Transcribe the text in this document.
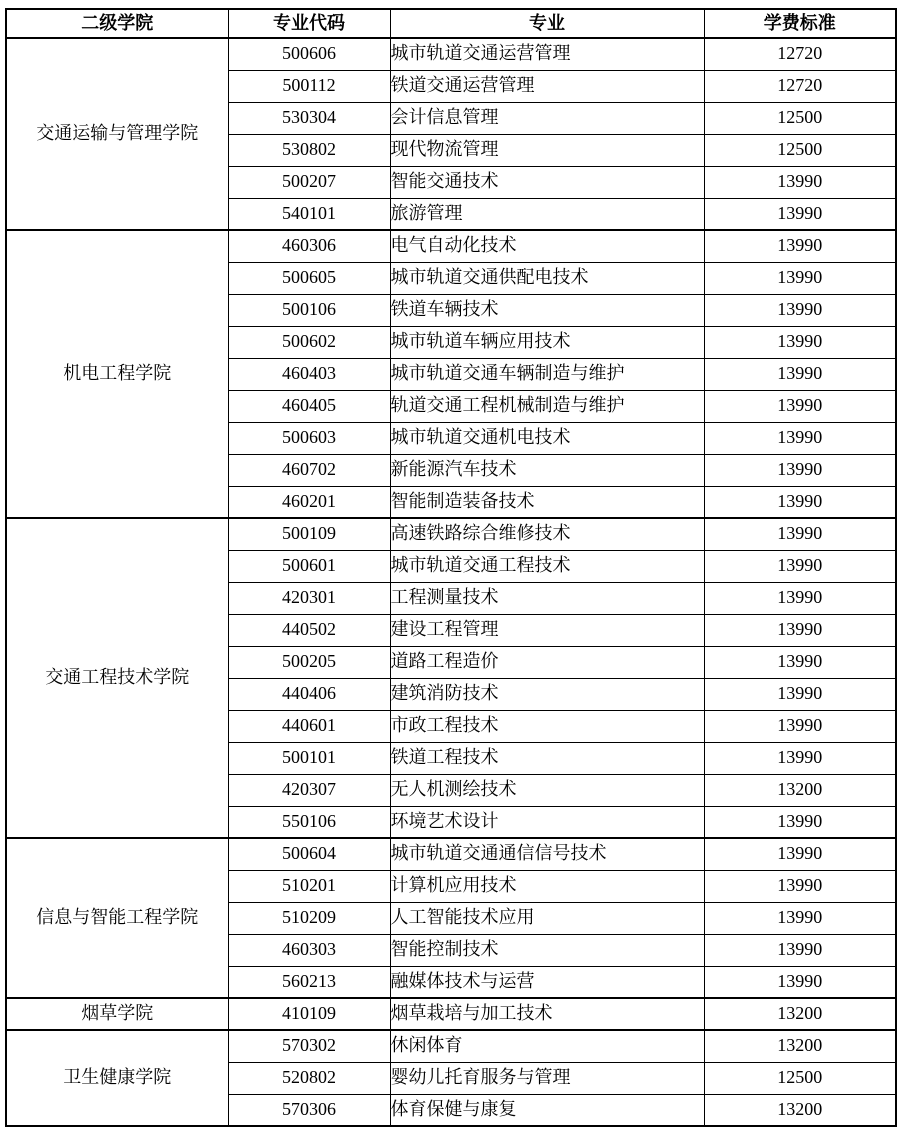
二级学院	专业代码	专业	学费标准
交通运输与管理学院	500606	城市轨道交通运营管理	12720
	500112	铁道交通运营管理	12720
	530304	会计信息管理	12500
	530802	现代物流管理	12500
	500207	智能交通技术	13990
	540101	旅游管理	13990
机电工程学院	460306	电气自动化技术	13990
	500605	城市轨道交通供配电技术	13990
	500106	铁道车辆技术	13990
	500602	城市轨道车辆应用技术	13990
	460403	城市轨道交通车辆制造与维护	13990
	460405	轨道交通工程机械制造与维护	13990
	500603	城市轨道交通机电技术	13990
	460702	新能源汽车技术	13990
	460201	智能制造装备技术	13990
交通工程技术学院	500109	高速铁路综合维修技术	13990
	500601	城市轨道交通工程技术	13990
	420301	工程测量技术	13990
	440502	建设工程管理	13990
	500205	道路工程造价	13990
	440406	建筑消防技术	13990
	440601	市政工程技术	13990
	500101	铁道工程技术	13990
	420307	无人机测绘技术	13200
	550106	环境艺术设计	13990
信息与智能工程学院	500604	城市轨道交通通信信号技术	13990
	510201	计算机应用技术	13990
	510209	人工智能技术应用	13990
	460303	智能控制技术	13990
	560213	融媒体技术与运营	13990
烟草学院	410109	烟草栽培与加工技术	13200
卫生健康学院	570302	休闲体育	13200
	520802	婴幼儿托育服务与管理	12500
	570306	体育保健与康复	13200
